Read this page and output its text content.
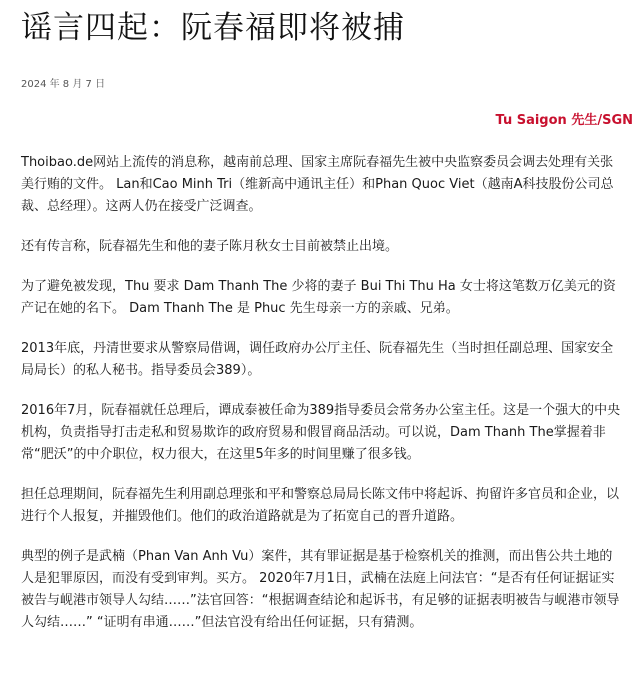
谣言四起：阮春福即将被捕
2024 年 8 月 7 日
Tu Saigon 先生/SGN

Thoibao.de网站上流传的消息称，越南前总理、国家主席阮春福先生被中央监察委员会调去处理有关张美行贿的文件。 Lan和Cao Minh Tri（维新高中通讯主任）和Phan Quoc Viet（越南A科技股份公司总裁、总经理）。这两人仍在接受广泛调查。

还有传言称，阮春福先生和他的妻子陈月秋女士目前被禁止出境。

为了避免被发现，Thu 要求 Dam Thanh The 少将的妻子 Bui Thi Thu Ha 女士将这笔数万亿美元的资产记在她的名下。 Dam Thanh The 是 Phuc 先生母亲一方的亲戚、兄弟。

2013年底，丹清世要求从警察局借调，调任政府办公厅主任、阮春福先生（当时担任副总理、国家安全局局长）的私人秘书。指导委员会389）。

2016年7月，阮春福就任总理后，谭成泰被任命为389指导委员会常务办公室主任。这是一个强大的中央机构，负责指导打击走私和贸易欺诈的政府贸易和假冒商品活动。可以说，Dam Thanh The掌握着非常“肥沃”的中介职位，权力很大，在这里5年多的时间里赚了很多钱。

担任总理期间，阮春福先生利用副总理张和平和警察总局局长陈文伟中将起诉、拘留许多官员和企业，以进行个人报复，并摧毁他们。他们的政治道路就是为了拓宽自己的晋升道路。

典型的例子是武楠（Phan Van Anh Vu）案件，其有罪证据是基于检察机关的推测，而出售公共土地的人是犯罪原因，而没有受到审判。买方。 2020年7月1日，武楠在法庭上问法官：“是否有任何证据证实被告与岘港市领导人勾结……”法官回答：“根据调查结论和起诉书，有足够的证据表明被告与岘港市领导人勾结……” “证明有串通……”但法官没有给出任何证据，只有猜测。
